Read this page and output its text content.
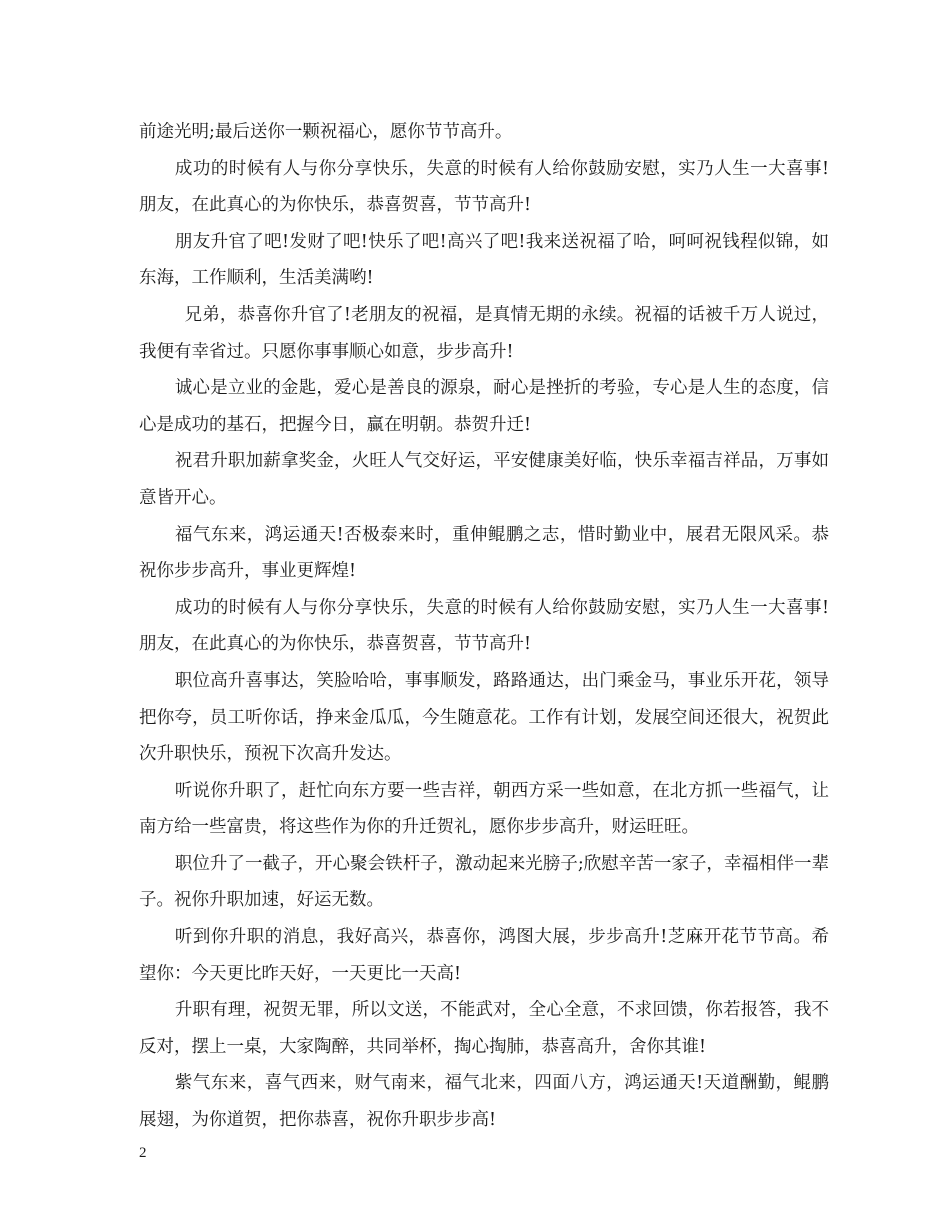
前途光明;最后送你一颗祝福心，愿你节节高升。

成功的时候有人与你分享快乐，失意的时候有人给你鼓励安慰，实乃人生一大喜事!朋友，在此真心的为你快乐，恭喜贺喜，节节高升!

朋友升官了吧!发财了吧!快乐了吧!高兴了吧!我来送祝福了哈，呵呵祝钱程似锦，如东海，工作顺利，生活美满哟!

兄弟，恭喜你升官了!老朋友的祝福，是真情无期的永续。祝福的话被千万人说过，我便有幸省过。只愿你事事顺心如意，步步高升!

诚心是立业的金匙，爱心是善良的源泉，耐心是挫折的考验，专心是人生的态度，信心是成功的基石，把握今日，赢在明朝。恭贺升迁!

祝君升职加薪拿奖金，火旺人气交好运，平安健康美好临，快乐幸福吉祥品，万事如意皆开心。

福气东来，鸿运通天!否极泰来时，重伸鲲鹏之志，惜时勤业中，展君无限风采。恭祝你步步高升，事业更辉煌!

成功的时候有人与你分享快乐，失意的时候有人给你鼓励安慰，实乃人生一大喜事!朋友，在此真心的为你快乐，恭喜贺喜，节节高升!

职位高升喜事达，笑脸哈哈，事事顺发，路路通达，出门乘金马，事业乐开花，领导把你夸，员工听你话，挣来金瓜瓜，今生随意花。工作有计划，发展空间还很大，祝贺此次升职快乐，预祝下次高升发达。

听说你升职了，赶忙向东方要一些吉祥，朝西方采一些如意，在北方抓一些福气，让南方给一些富贵，将这些作为你的升迁贺礼，愿你步步高升，财运旺旺。

职位升了一截子，开心聚会铁杆子，激动起来光膀子;欣慰辛苦一家子，幸福相伴一辈子。祝你升职加速，好运无数。

听到你升职的消息，我好高兴，恭喜你，鸿图大展，步步高升!芝麻开花节节高。希望你：今天更比昨天好，一天更比一天高!

升职有理，祝贺无罪，所以文送，不能武对，全心全意，不求回馈，你若报答，我不反对，摆上一桌，大家陶醉，共同举杯，掏心掏肺，恭喜高升，舍你其谁!

紫气东来，喜气西来，财气南来，福气北来，四面八方，鸿运通天!天道酬勤，鲲鹏展翅，为你道贺，把你恭喜，祝你升职步步高!

2
